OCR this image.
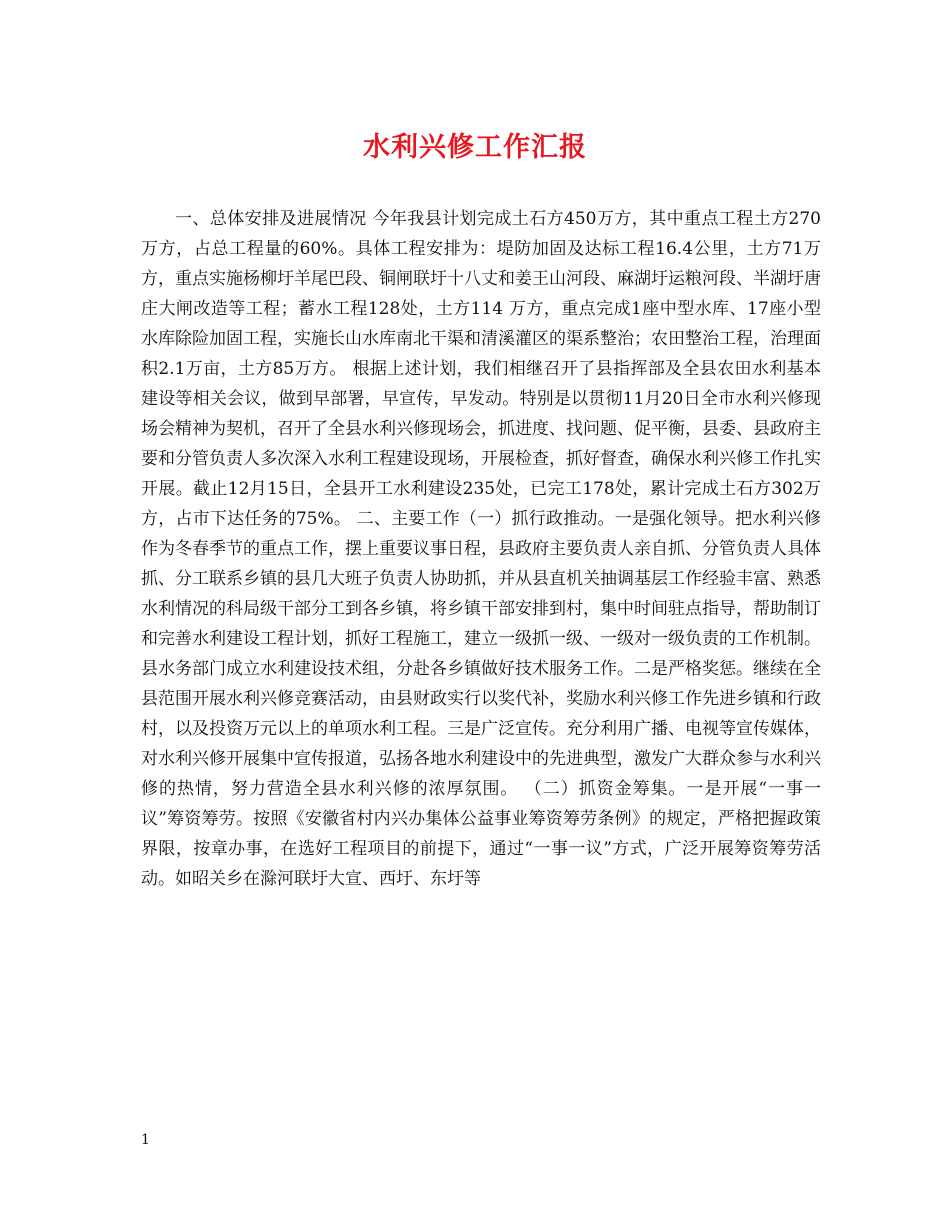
水利兴修工作汇报

一、总体安排及进展情况 今年我县计划完成土石方450万方，其中重点工程土方270万方，占总工程量的60%。具体工程安排为：堤防加固及达标工程16.4公里，土方71万方，重点实施杨柳圩羊尾巴段、铜闸联圩十八丈和姜王山河段、麻湖圩运粮河段、半湖圩唐庄大闸改造等工程；蓄水工程128处，土方114 万方，重点完成1座中型水库、17座小型水库除险加固工程，实施长山水库南北干渠和清溪灌区的渠系整治；农田整治工程，治理面积2.1万亩，土方85万方。 根据上述计划，我们相继召开了县指挥部及全县农田水利基本建设等相关会议，做到早部署，早宣传，早发动。特别是以贯彻11月20日全市水利兴修现场会精神为契机，召开了全县水利兴修现场会，抓进度、找问题、促平衡，县委、县政府主要和分管负责人多次深入水利工程建设现场，开展检查，抓好督查，确保水利兴修工作扎实开展。截止12月15日，全县开工水利建设235处，已完工178处，累计完成土石方302万方，占市下达任务的75%。 二、主要工作（一）抓行政推动。一是强化领导。把水利兴修作为冬春季节的重点工作，摆上重要议事日程，县政府主要负责人亲自抓、分管负责人具体抓、分工联系乡镇的县几大班子负责人协助抓，并从县直机关抽调基层工作经验丰富、熟悉水利情况的科局级干部分工到各乡镇，将乡镇干部安排到村，集中时间驻点指导，帮助制订和完善水利建设工程计划，抓好工程施工，建立一级抓一级、一级对一级负责的工作机制。县水务部门成立水利建设技术组，分赴各乡镇做好技术服务工作。二是严格奖惩。继续在全县范围开展水利兴修竞赛活动，由县财政实行以奖代补，奖励水利兴修工作先进乡镇和行政村，以及投资万元以上的单项水利工程。三是广泛宣传。充分利用广播、电视等宣传媒体，对水利兴修开展集中宣传报道，弘扬各地水利建设中的先进典型，激发广大群众参与水利兴修的热情，努力营造全县水利兴修的浓厚氛围。 （二）抓资金筹集。一是开展“一事一议”筹资筹劳。按照《安徽省村内兴办集体公益事业筹资筹劳条例》的规定，严格把握政策界限，按章办事，在选好工程项目的前提下，通过“一事一议”方式，广泛开展筹资筹劳活动。如昭关乡在滁河联圩大宣、西圩、东圩等

1
